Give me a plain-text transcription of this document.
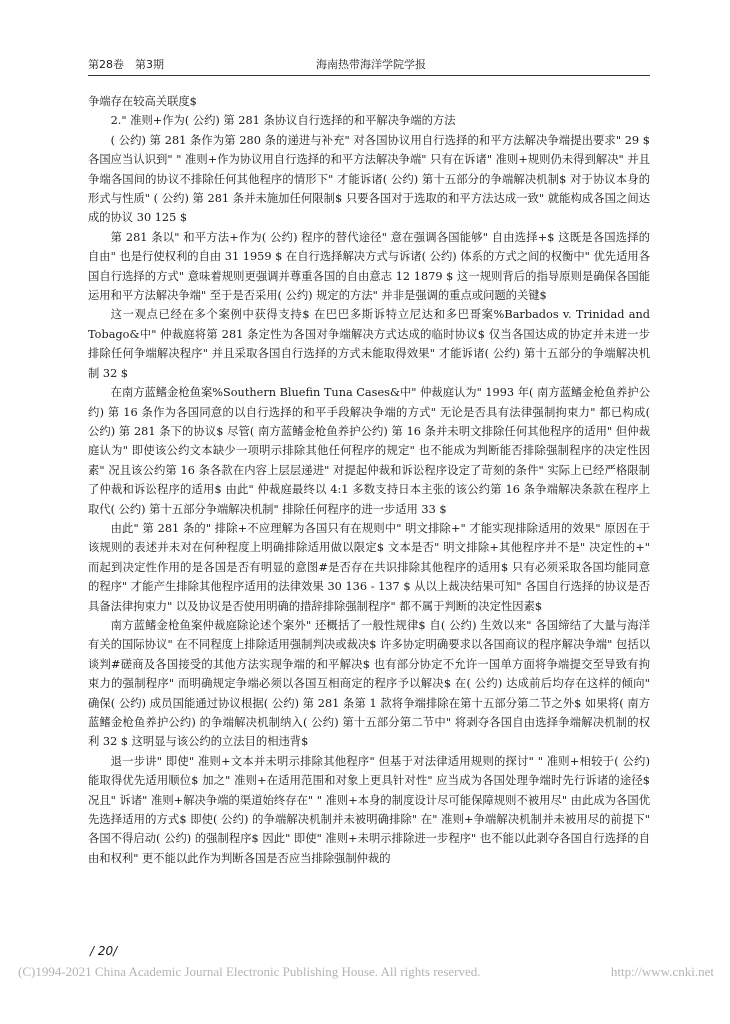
第28卷　第3期	海南热带海洋学院学报

争端存在较高关联度$

2." 准则+作为( 公约) 第 281 条协议自行选择的和平解决争端的方法

( 公约) 第 281 条作为第 280 条的递进与补充" 对各国协议用自行选择的和平方法解决争端提出要求" 29 $ 各国应当认识到" " 准则+作为协议用自行选择的和平方法解决争端" 只有在诉诸" 准则+规则仍未得到解决" 并且争端各国间的协议不排除任何其他程序的情形下" 才能诉诸( 公约) 第十五部分的争端解决机制$ 对于协议本身的形式与性质" ( 公约) 第 281 条并未施加任何限制$ 只要各国对于选取的和平方法达成一致" 就能构成各国之间达成的协议 30 125 $

第 281 条以" 和平方法+作为( 公约) 程序的替代途径" 意在强调各国能够" 自由选择+$ 这既是各国选择的自由" 也是行使权利的自由 31 1959 $ 在自行选择解决方式与诉诸( 公约) 体系的方式之间的权衡中" 优先适用各国自行选择的方式" 意味着规则更强调并尊重各国的自由意志 12 1879 $ 这一规则背后的指导原则是确保各国能运用和平方法解决争端" 至于是否采用( 公约) 规定的方法" 并非是强调的重点或问题的关键$

这一观点已经在多个案例中获得支持$ 在巴巴多斯诉特立尼达和多巴哥案%Barbados v. Trinidad and Tobago&中" 仲裁庭将第 281 条定性为各国对争端解决方式达成的临时协议$ 仅当各国达成的协定并未进一步排除任何争端解决程序" 并且采取各国自行选择的方式未能取得效果" 才能诉诸( 公约) 第十五部分的争端解决机制 32 $

在南方蓝鳍金枪鱼案%Southern Bluefin Tuna Cases&中" 仲裁庭认为" 1993 年( 南方蓝鳍金枪鱼养护公约) 第 16 条作为各国同意的以自行选择的和平手段解决争端的方式" 无论是否具有法律强制拘束力" 都已构成( 公约) 第 281 条下的协议$ 尽管( 南方蓝鳍金枪鱼养护公约) 第 16 条并未明文排除任何其他程序的适用" 但仲裁庭认为" 即使该公约文本缺少一项明示排除其他任何程序的规定" 也不能成为判断能否排除强制程序的决定性因素" 况且该公约第 16 条各款在内容上层层递进" 对提起仲裁和诉讼程序设定了苛刻的条件" 实际上已经严格限制了仲裁和诉讼程序的适用$ 由此" 仲裁庭最终以 4:1 多数支持日本主张的该公约第 16 条争端解决条款在程序上取代( 公约) 第十五部分争端解决机制" 排除任何程序的进一步适用 33 $

由此" 第 281 条的" 排除+不应理解为各国只有在规则中" 明文排除+" 才能实现排除适用的效果" 原因在于该规则的表述并未对在何种程度上明确排除适用做以限定$ 文本是否" 明文排除+其他程序并不是" 决定性的+" 而起到决定性作用的是各国是否有明显的意图#是否存在共识排除其他程序的适用$ 只有必须采取各国均能同意的程序" 才能产生排除其他程序适用的法律效果 30 136 - 137 $ 从以上裁决结果可知" 各国自行选择的协议是否具备法律拘束力" 以及协议是否使用明确的措辞排除强制程序" 都不属于判断的决定性因素$

南方蓝鳍金枪鱼案仲裁庭除论述个案外" 还概括了一般性规律$ 自( 公约) 生效以来" 各国缔结了大量与海洋有关的国际协议" 在不同程度上排除适用强制判决或裁决$ 许多协定明确要求以各国商议的程序解决争端" 包括以谈判#磋商及各国接受的其他方法实现争端的和平解决$ 也有部分协定不允许一国单方面将争端提交至导致有拘束力的强制程序" 而明确规定争端必须以各国互相商定的程序予以解决$ 在( 公约) 达成前后均存在这样的倾向" 确保( 公约) 成员国能通过协议根据( 公约) 第 281 条第 1 款将争端排除在第十五部分第二节之外$ 如果将( 南方蓝鳍金枪鱼养护公约) 的争端解决机制纳入( 公约) 第十五部分第二节中" 将剥夺各国自由选择争端解决机制的权利 32 $ 这明显与该公约的立法目的相违背$

退一步讲" 即使" 准则+文本并未明示排除其他程序" 但基于对法律适用规则的探讨" " 准则+相较于( 公约) 能取得优先适用顺位$ 加之" 准则+在适用范围和对象上更具针对性" 应当成为各国处理争端时先行诉诸的途径$ 况且" 诉诸" 准则+解决争端的渠道始终存在" " 准则+本身的制度设计尽可能保障规则不被用尽" 由此成为各国优先选择适用的方式$ 即使( 公约) 的争端解决机制并未被明确排除" 在" 准则+争端解决机制并未被用尽的前提下" 各国不得启动( 公约) 的强制程序$ 因此" 即使" 准则+未明示排除进一步程序" 也不能以此剥夺各国自行选择的自由和权利" 更不能以此作为判断各国是否应当排除强制仲裁的

/ 20/
(C)1994-2021 China Academic Journal Electronic Publishing House. All rights reserved.	http://www.cnki.net
